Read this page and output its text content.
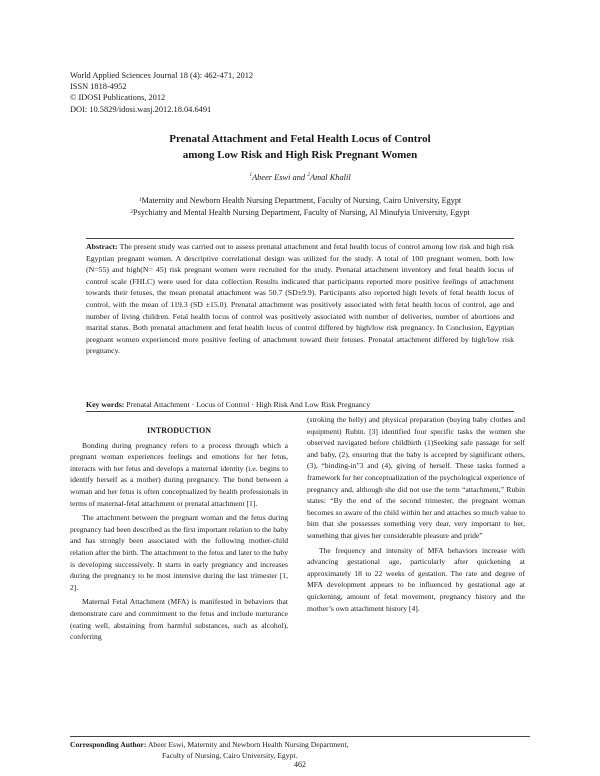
World Applied Sciences Journal 18 (4): 462-471, 2012
ISSN 1818-4952
© IDOSI Publications, 2012
DOI: 10.5829/idosi.wasj.2012.18.04.6491
Prenatal Attachment and Fetal Health Locus of Control
among Low Risk and High Risk Pregnant Women
$^1$Abeer Eswi and $^2$Amal Khalil
$^1$Maternity and Newborn Health Nursing Department, Faculty of Nursing, Cairo University, Egypt
$^2$Psychiatry and Mental Health Nursing Department, Faculty of Nursing, Al Minufyia University, Egypt
Abstract: The present study was carried out to assess prenatal attachment and fetal health locus of control among low risk and high risk Egyptian pregnant women. A descriptive correlational design was utilized for the study. A total of 100 pregnant women, both low (N=55) and high(N= 45) risk pregnant women were recruited for the study. Prenatal attachment inventory and fetal health locus of control scale (FHLC) were used for data collection Results indicated that participants reported more positive feelings of attachment towards their fetuses, the mean prenatal attachment was 50.7 (SD±9.9). Participants also reported high levels of fetal health locus of control, with the mean of 119.3 (SD ±15.0). Prenatal attachment was positively associated with fetal health locus of control, age and number of living children. Fetal health locus of control was positively associated with number of deliveries, number of abortions and marital status. Both prenatal attachment and fetal health locus of control differed by high/low risk pregnancy. In Conclusion, Egyptian pregnant women experienced more positive feeling of attachment toward their fetuses. Prenatal attachment differed by high/low risk pregnancy.
Key words: Prenatal Attachment · Locus of Control · High Risk And Low Risk Pregnancy

INTRODUCTION

Bonding during pregnancy refers to a process through which a pregnant woman experiences feelings and emotions for her fetus, interacts with her fetus and develops a maternal identity (i.e. begins to identify herself as a mother) during pregnancy. The bond between a woman and her fetus is often conceptualized by health professionals in terms of maternal-fetal attachment or prenatal attachment [1].

The attachment between the pregnant woman and the fetus during pregnancy had been described as the first important relation to the baby and has strongly been associated with the following mother-child relation after the birth. The attachment to the fetus and later to the baby is developing successively. It starts in early pregnancy and increases during the pregnancy to be most intensive during the last trimester [1, 2].

Maternal Fetal Attachment (MFA) is manifested in behaviors that demonstrate care and commitment to the fetus and include nurturance (eating well, abstaining from harmful substances, such as alcohol), conferring

(stroking the belly) and physical preparation (buying baby clothes and equipment) Rubin. [3] identified four specific tasks the women she observed navigated before childbirth (1)Seeking safe passage for self and baby, (2), ensuring that the baby is accepted by significant others, (3), “binding-in”3 and (4), giving of herself. These tasks formed a framework for her conceptualization of the psychological experience of pregnancy and, although she did not use the term “attachment,” Rubin states: “By the end of the second trimester, the pregnant woman becomes so aware of the child within her and attaches so much value to him that she possesses something very dear, very important to her, something that gives her considerable pleasure and pride”

The frequency and intensity of MFA behaviors increase with advancing gestational age, particularly after quickening at approximately 18 to 22 weeks of gestation. The rate and degree of MFA development appears to be influenced by gestational age at quickening, amount of fetal movement, pregnancy history and the mother’s own attachment history [4].

Corresponding Author: Abeer Eswi, Maternity and Newborn Health Nursing Department,
Faculty of Nursing, Cairo University, Egypt.
462
